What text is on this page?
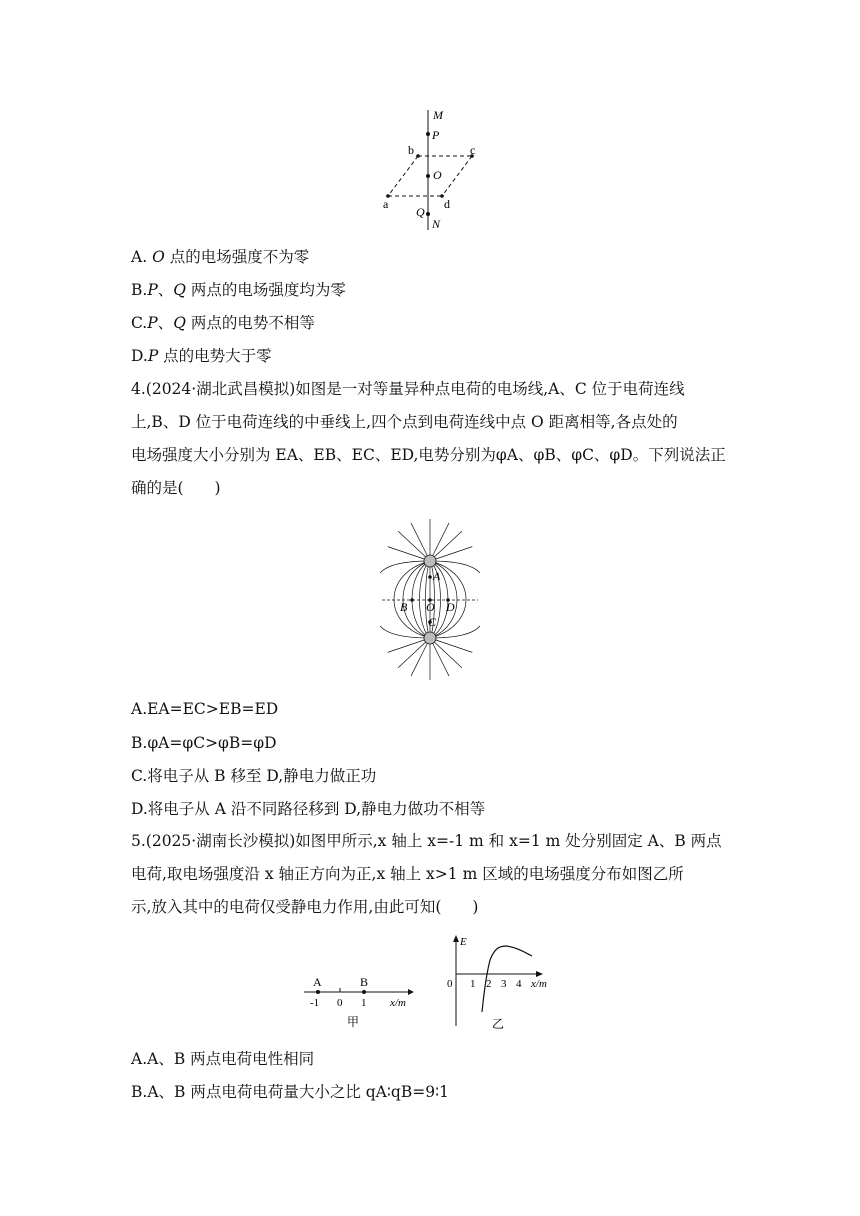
M
P
O
Q
N
b	c
a	d
A. O 点的电场强度不为零
B.P、Q 两点的电场强度均为零
C.P、Q 两点的电势不相等
D.P 点的电势大于零
4.(2024·湖北武昌模拟)如图是一对等量异种点电荷的电场线,A、C 位于电荷连线
上,B、D 位于电荷连线的中垂线上,四个点到电荷连线中点 O 距离相等,各点处的
电场强度大小分别为 EA、EB、EC、ED,电势分别为φA、φB、φC、φD。下列说法正
确的是(　　)
A
B O D
C
A.EA=EC>EB=ED
B.φA=φC>φB=φD
C.将电子从 B 移至 D,静电力做正功
D.将电子从 A 沿不同路径移到 D,静电力做功不相等
5.(2025·湖南长沙模拟)如图甲所示,x 轴上 x=-1 m 和 x=1 m 处分别固定 A、B 两点
电荷,取电场强度沿 x 轴正方向为正,x 轴上 x>1 m 区域的电场强度分布如图乙所
示,放入其中的电荷仅受静电力作用,由此可知(　　)
A	B
-1 0 1 x/m
甲
E
0 1 2 3 4 x/m
乙
A.A、B 两点电荷电性相同
B.A、B 两点电荷电荷量大小之比 qA∶qB=9∶1
